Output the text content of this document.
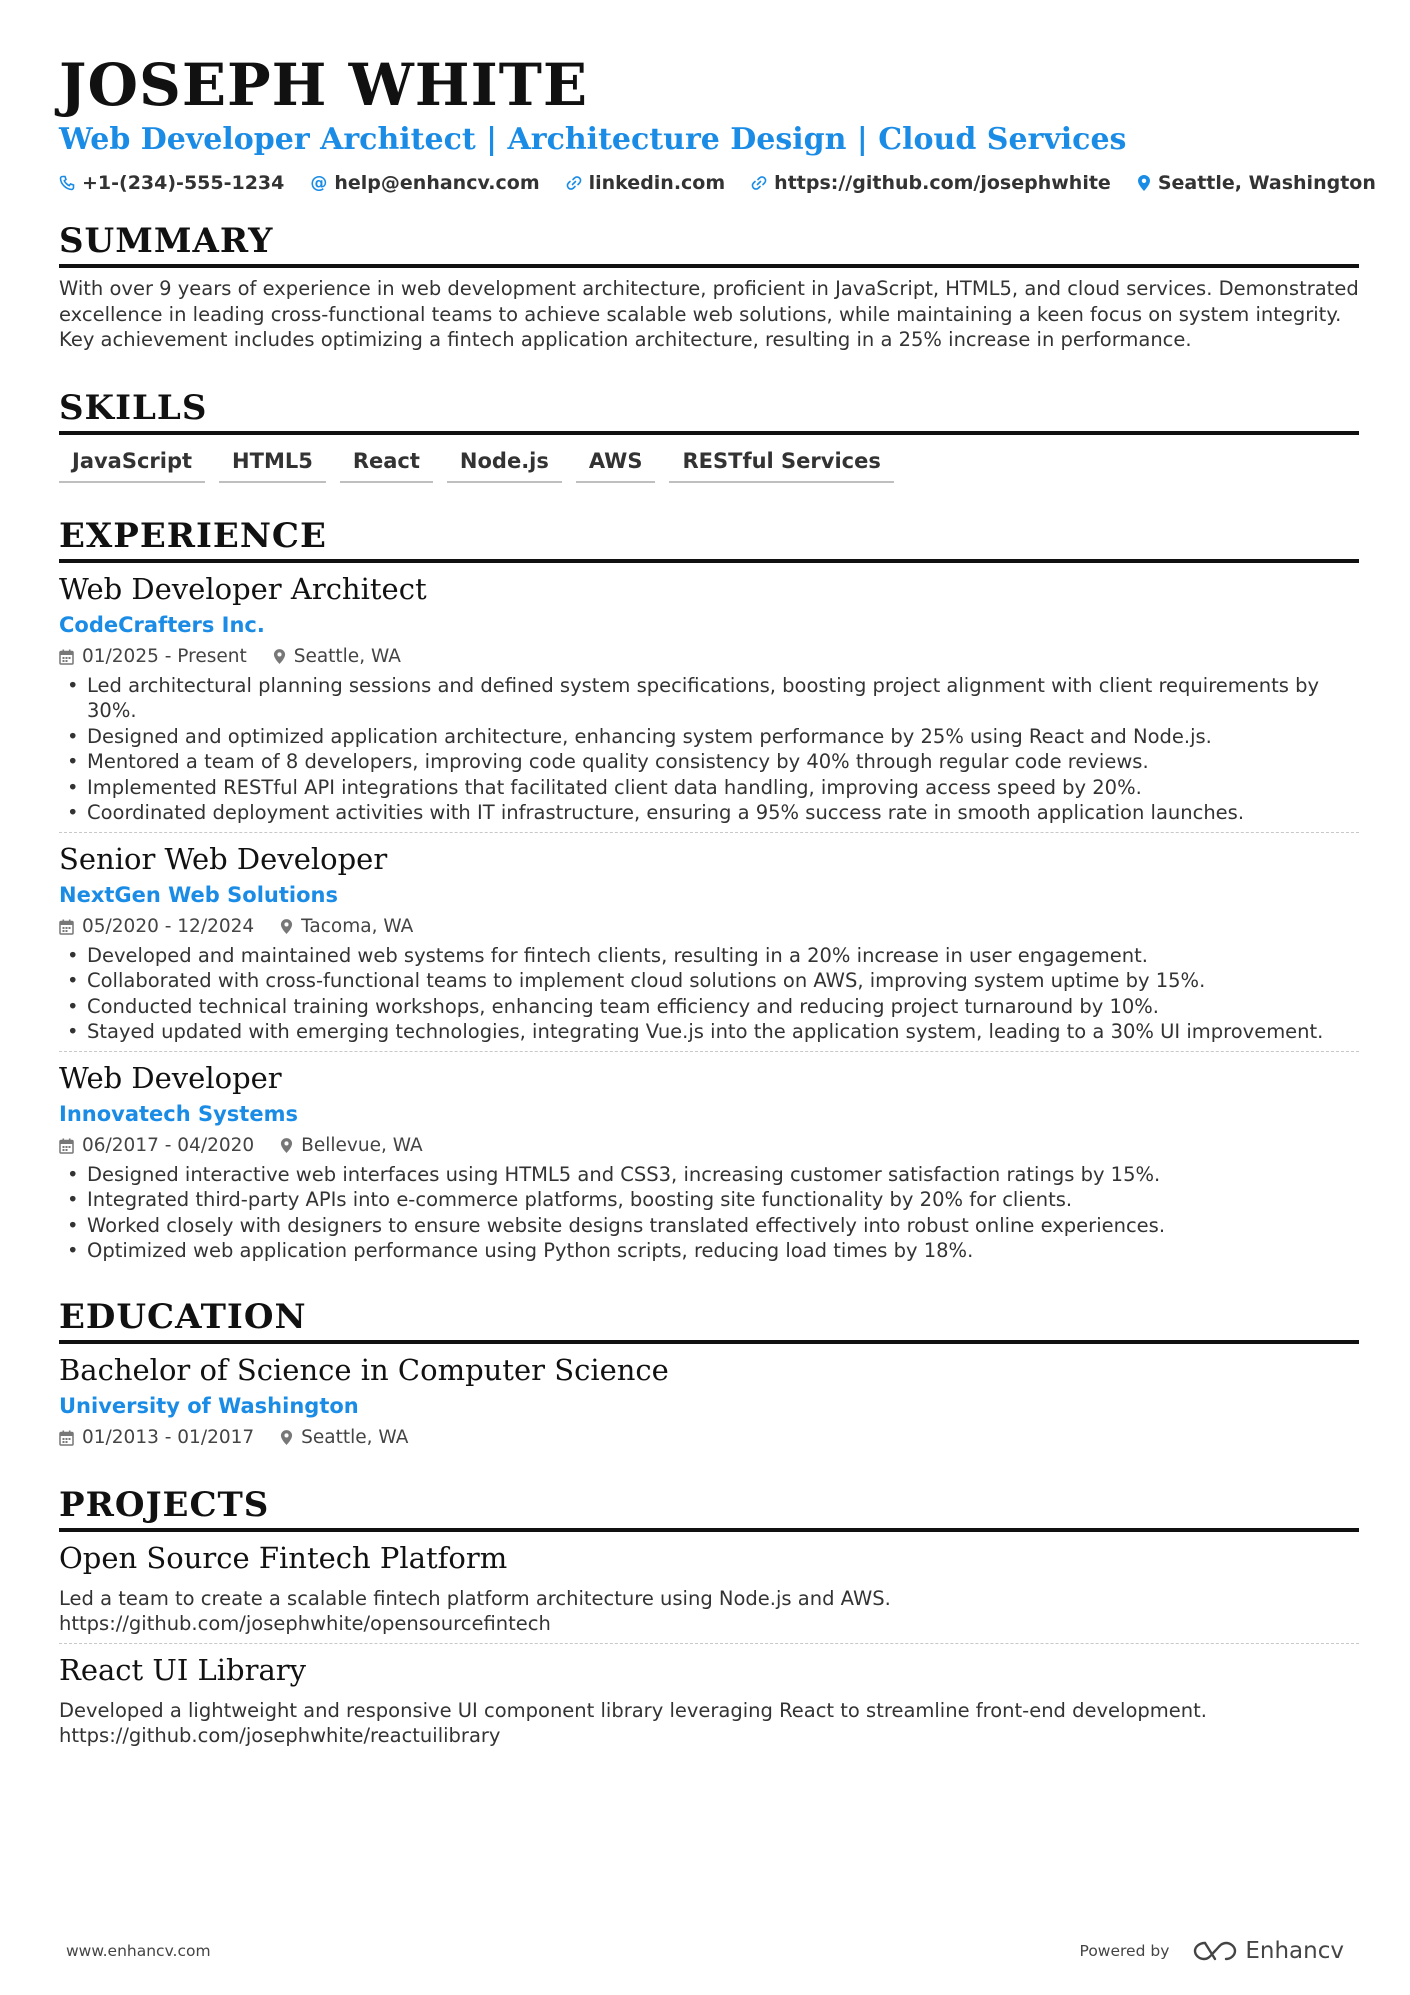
JOSEPH WHITE
Web Developer Architect | Architecture Design | Cloud Services
+1-(234)-555-1234 @ help@enhancv.com	linkedin.com	https://github.com/josephwhite Seattle, Washington
SUMMARY
With over 9 years of experience in web development architecture, proficient in JavaScript, HTML5, and cloud services. Demonstrated excellence in leading cross-functional teams to achieve scalable web solutions, while maintaining a keen focus on system integrity. Key achievement includes optimizing a fintech application architecture, resulting in a 25% increase in performance.
SKILLS
JavaScript	HTML5	React	Node.js	AWS	RESTful Services
EXPERIENCE
Web Developer Architect
CodeCrafters Inc.
01/2025 - Present	Seattle, WA
• Led architectural planning sessions and defined system specifications, boosting project alignment with client requirements by 30%.
• Designed and optimized application architecture, enhancing system performance by 25% using React and Node.js.
• Mentored a team of 8 developers, improving code quality consistency by 40% through regular code reviews.
• Implemented RESTful API integrations that facilitated client data handling, improving access speed by 20%.
• Coordinated deployment activities with IT infrastructure, ensuring a 95% success rate in smooth application launches.
Senior Web Developer
NextGen Web Solutions
05/2020 - 12/2024	Tacoma, WA
• Developed and maintained web systems for fintech clients, resulting in a 20% increase in user engagement.
• Collaborated with cross-functional teams to implement cloud solutions on AWS, improving system uptime by 15%.
• Conducted technical training workshops, enhancing team efficiency and reducing project turnaround by 10%.
• Stayed updated with emerging technologies, integrating Vue.js into the application system, leading to a 30% UI improvement.
Web Developer
Innovatech Systems
06/2017 - 04/2020	Bellevue, WA
• Designed interactive web interfaces using HTML5 and CSS3, increasing customer satisfaction ratings by 15%.
• Integrated third-party APIs into e-commerce platforms, boosting site functionality by 20% for clients.
• Worked closely with designers to ensure website designs translated effectively into robust online experiences.
• Optimized web application performance using Python scripts, reducing load times by 18%.
EDUCATION
Bachelor of Science in Computer Science
University of Washington
01/2013 - 01/2017	Seattle, WA
PROJECTS
Open Source Fintech Platform
Led a team to create a scalable fintech platform architecture using Node.js and AWS.
https://github.com/josephwhite/opensourcefintech
React UI Library
Developed a lightweight and responsive UI component library leveraging React to streamline front-end development.
https://github.com/josephwhite/reactuilibrary
www.enhancv.com	Powered by	Enhancv
